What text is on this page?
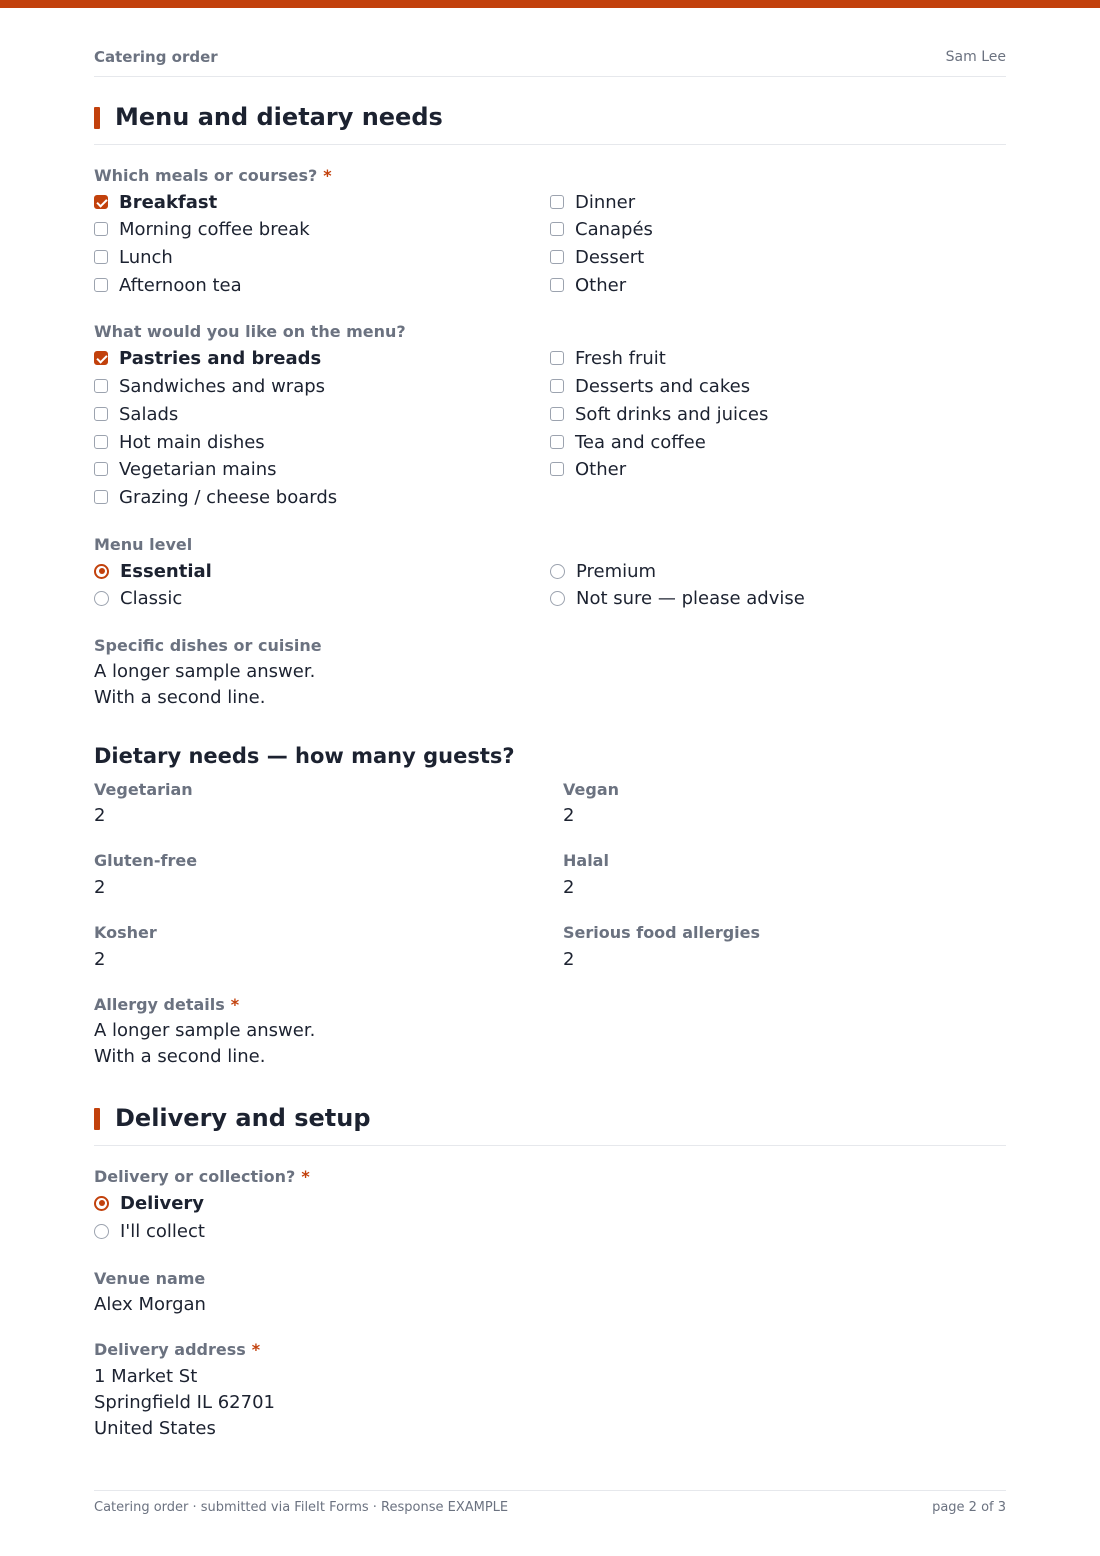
Catering order	Sam Lee
Menu and dietary needs
Which meals or courses? *
Breakfast
Morning coffee break
Lunch
Afternoon tea
Dinner
Canapés
Dessert
Other
What would you like on the menu?
Pastries and breads
Sandwiches and wraps
Salads
Hot main dishes
Vegetarian mains
Grazing / cheese boards
Fresh fruit
Desserts and cakes
Soft drinks and juices
Tea and coffee
Other
Menu level
Essential
Classic
Premium
Not sure — please advise
Specific dishes or cuisine
A longer sample answer.
With a second line.
Dietary needs — how many guests?
Vegetarian
2
Vegan
2
Gluten-free
2
Halal
2
Kosher
2
Serious food allergies
2
Allergy details *
A longer sample answer.
With a second line.
Delivery and setup
Delivery or collection? *
Delivery
I'll collect
Venue name
Alex Morgan
Delivery address *
1 Market St
Springfield IL 62701
United States
Catering order · submitted via FileIt Forms · Response EXAMPLE	page 2 of 3
